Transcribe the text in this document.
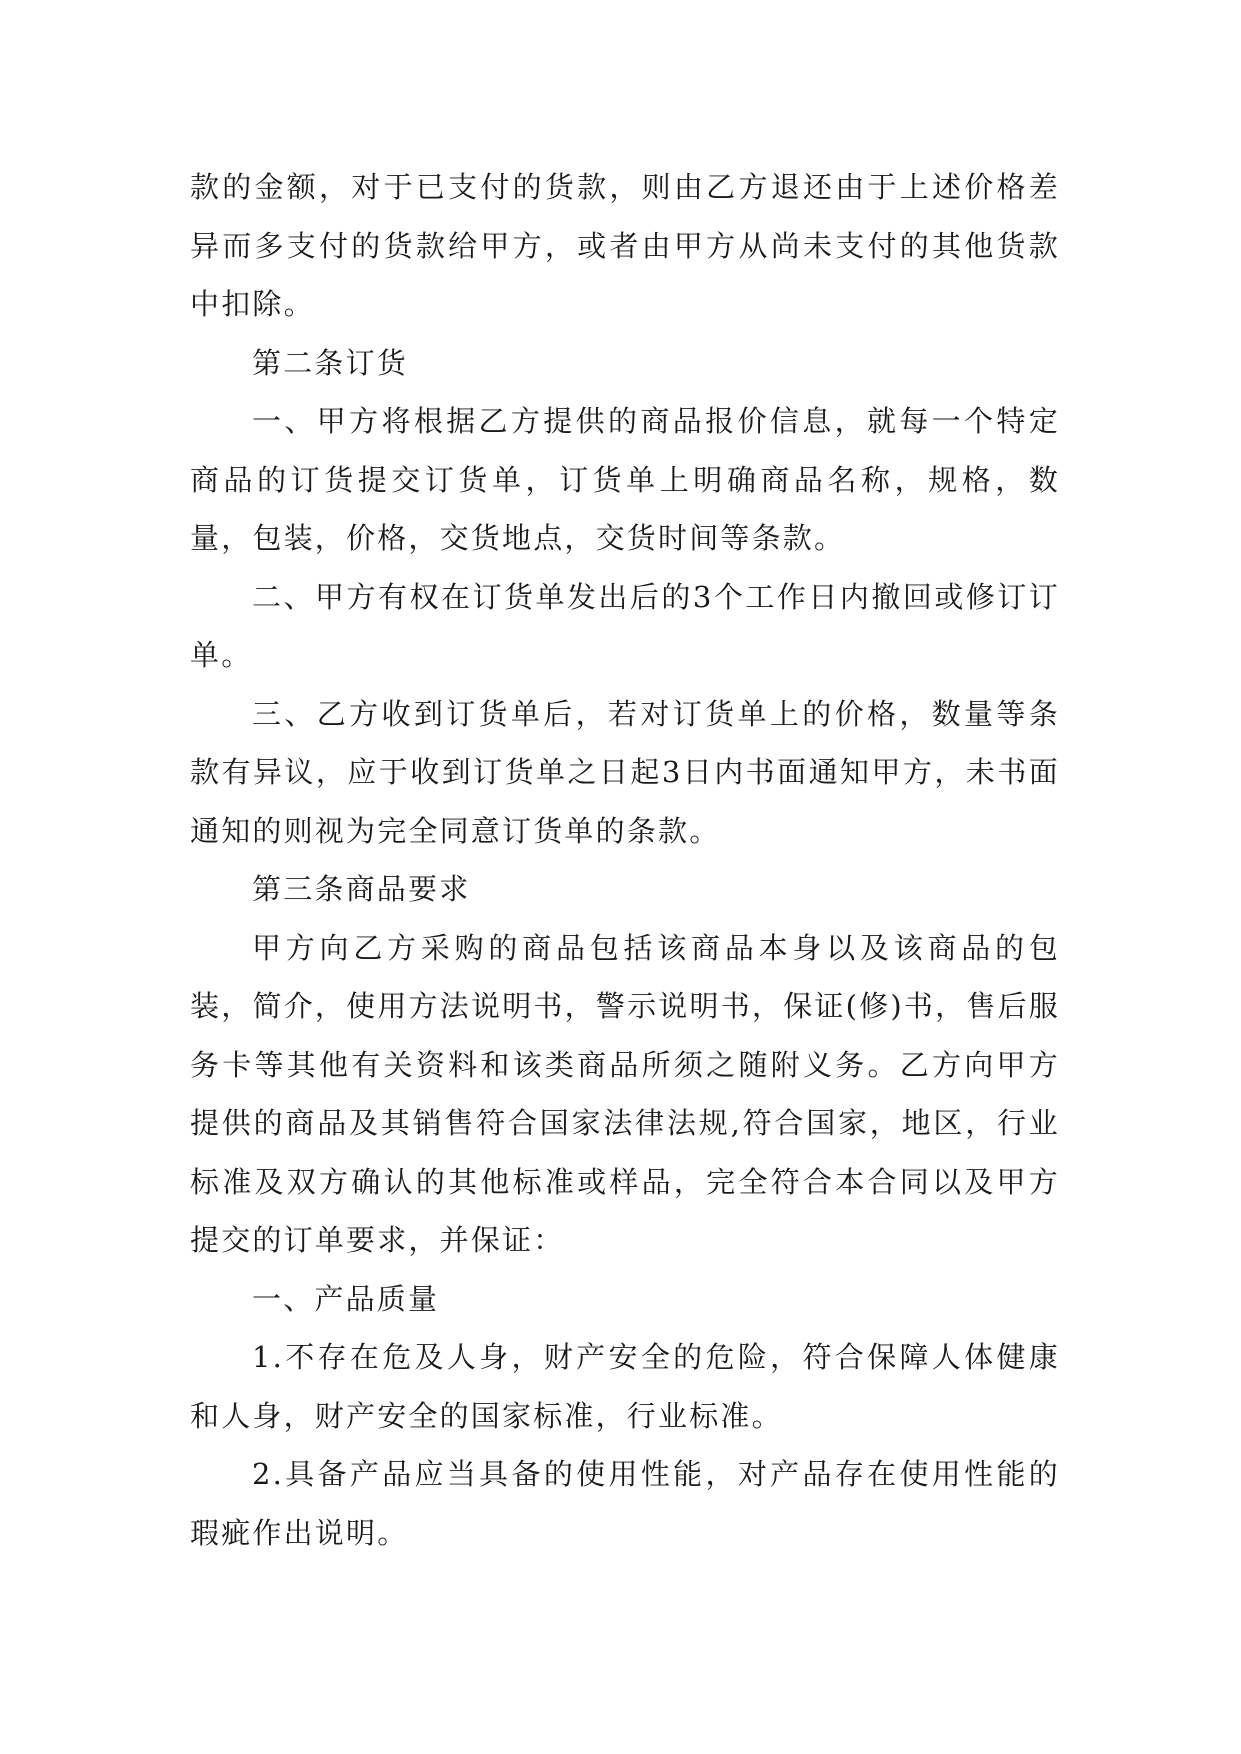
款的金额，对于已支付的货款，则由乙方退还由于上述价格差异而多支付的货款给甲方，或者由甲方从尚未支付的其他货款中扣除。

第二条订货

一、甲方将根据乙方提供的商品报价信息，就每一个特定商品的订货提交订货单，订货单上明确商品名称，规格，数量，包装，价格，交货地点，交货时间等条款。

二、甲方有权在订货单发出后的3个工作日内撤回或修订订单。

三、乙方收到订货单后，若对订货单上的价格，数量等条款有异议，应于收到订货单之日起3日内书面通知甲方，未书面通知的则视为完全同意订货单的条款。

第三条商品要求

甲方向乙方采购的商品包括该商品本身以及该商品的包装，简介，使用方法说明书，警示说明书，保证(修)书，售后服务卡等其他有关资料和该类商品所须之随附义务。乙方向甲方提供的商品及其销售符合国家法律法规,符合国家，地区，行业标准及双方确认的其他标准或样品，完全符合本合同以及甲方提交的订单要求，并保证：

一、产品质量

1.不存在危及人身，财产安全的危险，符合保障人体健康和人身，财产安全的国家标准，行业标准。

2.具备产品应当具备的使用性能，对产品存在使用性能的瑕疵作出说明。
